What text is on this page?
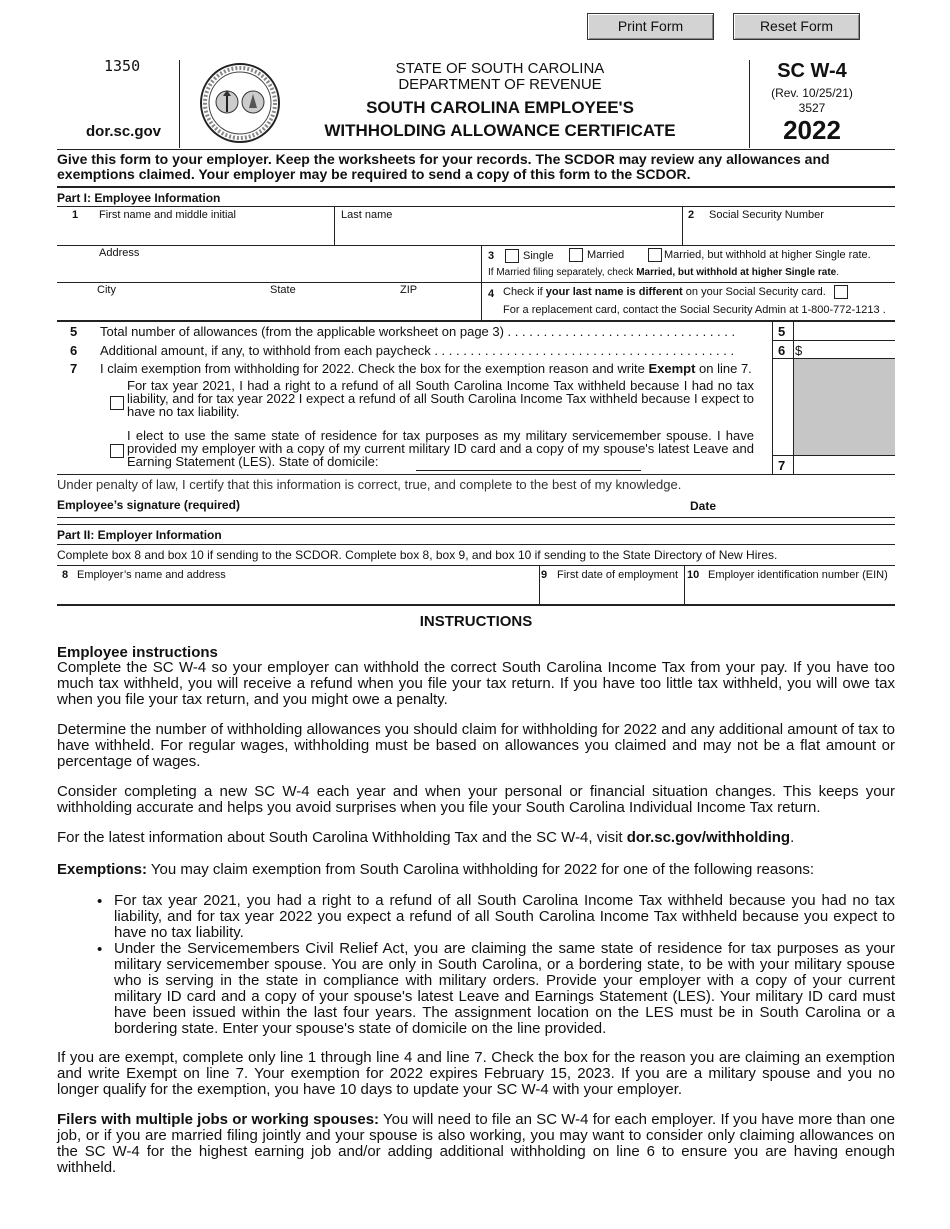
Print Form	Reset Form
1350
dor.sc.gov
STATE OF SOUTH CAROLINA
DEPARTMENT OF REVENUE
SOUTH CAROLINA EMPLOYEE'S
WITHHOLDING ALLOWANCE CERTIFICATE
SC W-4
(Rev. 10/25/21)
3527
2022
Give this form to your employer. Keep the worksheets for your records. The SCDOR may review any allowances and exemptions claimed. Your employer may be required to send a copy of this form to the SCDOR.
Part I: Employee Information
1 First name and middle initial	Last name	2 Social Security Number
Address	3	Single	Married	Married, but withhold at higher Single rate.
If Married filing separately, check Married, but withhold at higher Single rate.
City	State	ZIP	4 Check if your last name is different on your Social Security card.
For a replacement card, contact the Social Security Admin at 1-800-772-1213 .
5 Total number of allowances (from the applicable worksheet on page 3) . . . . . . . . . . . . . . . . . . . . . . . . . . . . . . . .	5
6 Additional amount, if any, to withhold from each paycheck . . . . . . . . . . . . . . . . . . . . . . . . . . . . . . . . . . . . . . . . . .	6 $
7 I claim exemption from withholding for 2022. Check the box for the exemption reason and write Exempt on line 7.
For tax year 2021, I had a right to a refund of all South Carolina Income Tax withheld because I had no tax liability, and for tax year 2022 I expect a refund of all South Carolina Income Tax withheld because I expect to have no tax liability.
I elect to use the same state of residence for tax purposes as my military servicemember spouse. I have provided my employer with a copy of my current military ID card and a copy of my spouse's latest Leave and Earning Statement (LES). State of domicile:	7
Under penalty of law, I certify that this information is correct, true, and complete to the best of my knowledge.
Employee’s signature (required)	Date
Part II: Employer Information
Complete box 8 and box 10 if sending to the SCDOR. Complete box 8, box 9, and box 10 if sending to the State Directory of New Hires.
8 Employer’s name and address	9 First date of employment 10 Employer identification number (EIN)
INSTRUCTIONS
Employee instructions
Complete the SC W-4 so your employer can withhold the correct South Carolina Income Tax from your pay. If you have too much tax withheld, you will receive a refund when you file your tax return. If you have too little tax withheld, you will owe tax when you file your tax return, and you might owe a penalty.
Determine the number of withholding allowances you should claim for withholding for 2022 and any additional amount of tax to have withheld. For regular wages, withholding must be based on allowances you claimed and may not be a flat amount or percentage of wages.
Consider completing a new SC W-4 each year and when your personal or financial situation changes. This keeps your withholding accurate and helps you avoid surprises when you file your South Carolina Individual Income Tax return.
For the latest information about South Carolina Withholding Tax and the SC W-4, visit dor.sc.gov/withholding.
Exemptions: You may claim exemption from South Carolina withholding for 2022 for one of the following reasons:
• For tax year 2021, you had a right to a refund of all South Carolina Income Tax withheld because you had no tax liability, and for tax year 2022 you expect a refund of all South Carolina Income Tax withheld because you expect to have no tax liability.
• Under the Servicemembers Civil Relief Act, you are claiming the same state of residence for tax purposes as your military servicemember spouse. You are only in South Carolina, or a bordering state, to be with your military spouse who is serving in the state in compliance with military orders. Provide your employer with a copy of your current military ID card and a copy of your spouse's latest Leave and Earnings Statement (LES). Your military ID card must have been issued within the last four years. The assignment location on the LES must be in South Carolina or a bordering state. Enter your spouse's state of domicile on the line provided.
If you are exempt, complete only line 1 through line 4 and line 7. Check the box for the reason you are claiming an exemption and write Exempt on line 7. Your exemption for 2022 expires February 15, 2023. If you are a military spouse and you no longer qualify for the exemption, you have 10 days to update your SC W-4 with your employer.
Filers with multiple jobs or working spouses: You will need to file an SC W-4 for each employer. If you have more than one job, or if you are married filing jointly and your spouse is also working, you may want to consider only claiming allowances on the SC W-4 for the highest earning job and/or adding additional withholding on line 6 to ensure you are having enough withheld.
